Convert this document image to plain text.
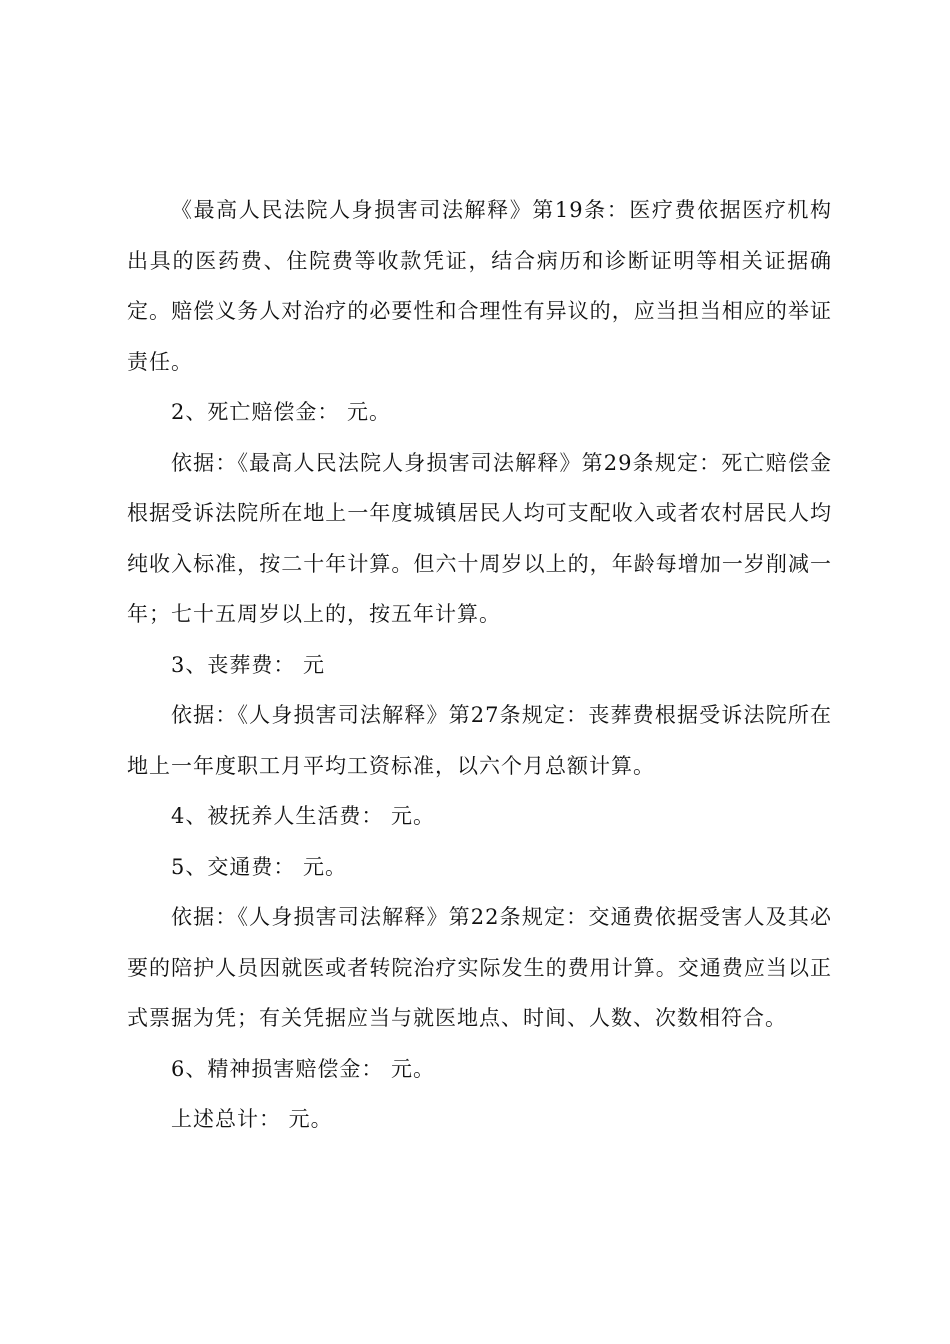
《最高人民法院人身损害司法解释》第19条：医疗费依据医疗机构出具的医药费、住院费等收款凭证，结合病历和诊断证明等相关证据确定。赔偿义务人对治疗的必要性和合理性有异议的，应当担当相应的举证责任。

2、死亡赔偿金： 元。

依据：《最高人民法院人身损害司法解释》第29条规定：死亡赔偿金根据受诉法院所在地上一年度城镇居民人均可支配收入或者农村居民人均纯收入标准，按二十年计算。但六十周岁以上的，年龄每增加一岁削减一年；七十五周岁以上的，按五年计算。

3、丧葬费： 元

依据：《人身损害司法解释》第27条规定：丧葬费根据受诉法院所在地上一年度职工月平均工资标准，以六个月总额计算。

4、被抚养人生活费： 元。

5、交通费： 元。

依据：《人身损害司法解释》第22条规定：交通费依据受害人及其必要的陪护人员因就医或者转院治疗实际发生的费用计算。交通费应当以正式票据为凭；有关凭据应当与就医地点、时间、人数、次数相符合。

6、精神损害赔偿金： 元。

上述总计： 元。
